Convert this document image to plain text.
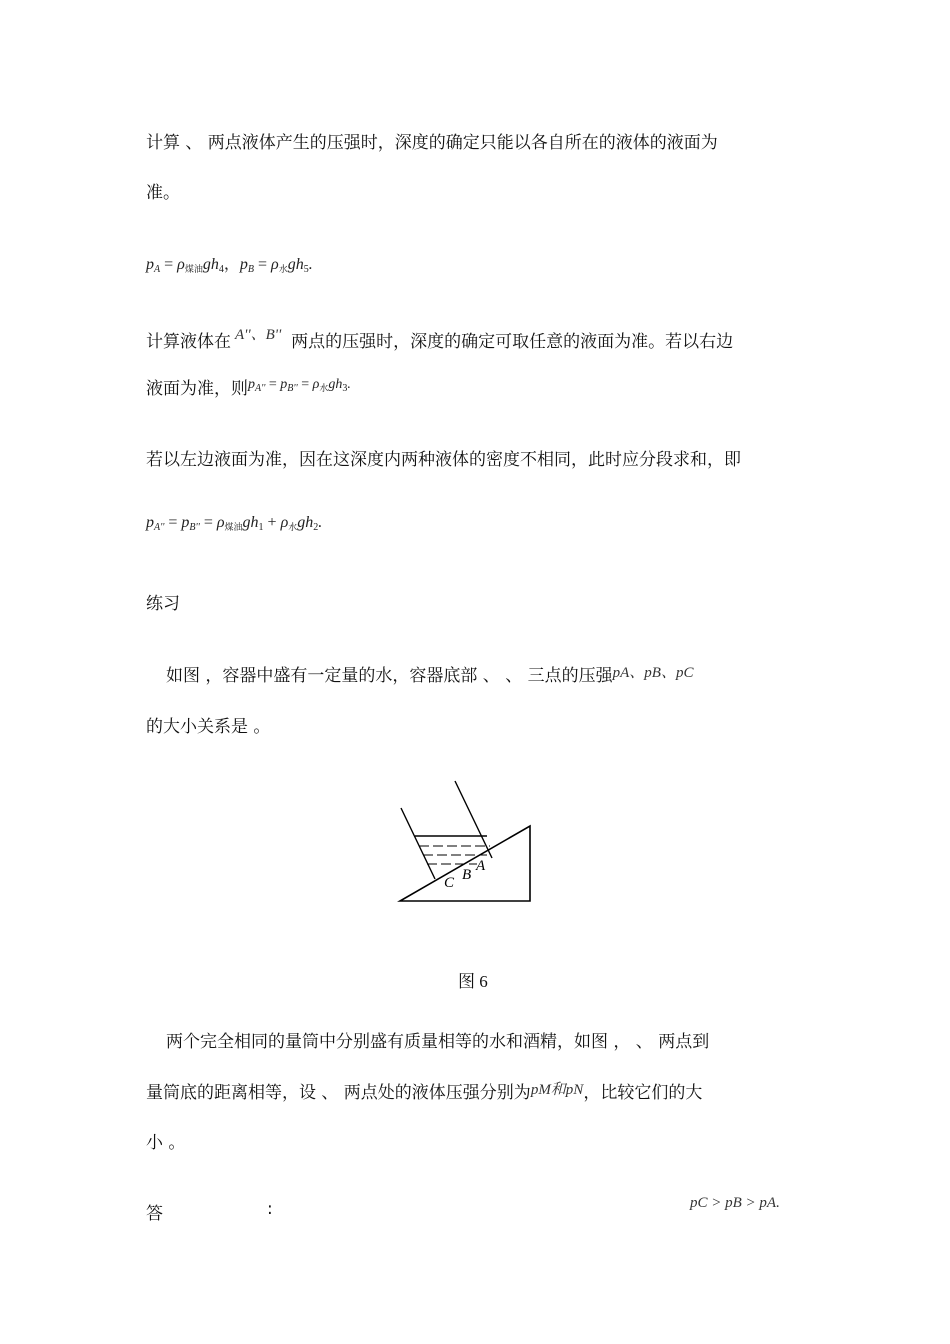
计算 、 两点液体产生的压强时，深度的确定只能以各自所在的液体的液面为
准。
$p_A = \rho$煤油$gh_4$，$p_B = \rho$水$gh_5$.
计算液体在 A''、B'' 两点的压强时，深度的确定可取任意的液面为准。若以右边
液面为准，则
$^{p_{A''} = p_{B''} = \rho_水gh_3.}$
若以左边液面为准，因在这深度内两种液体的密度不相同，此时应分段求和，即
$p_{A''} = p_{B''} = \rho$煤油$gh_1 + \rho$水$gh_2$.
练习
如图 ，容器中盛有一定量的水，容器底部 、 、 三点的压强pA、pB、pC
的大小关系是 。
C B
A
图 6
两个完全相同的量筒中分别盛有质量相等的水和酒精，如图 ， 、 两点到
量筒底的距离相等，设 、 两点处的液体压强分别为pM和pN，比较它们的大
小 。
答	:	pC > pB > pA.
